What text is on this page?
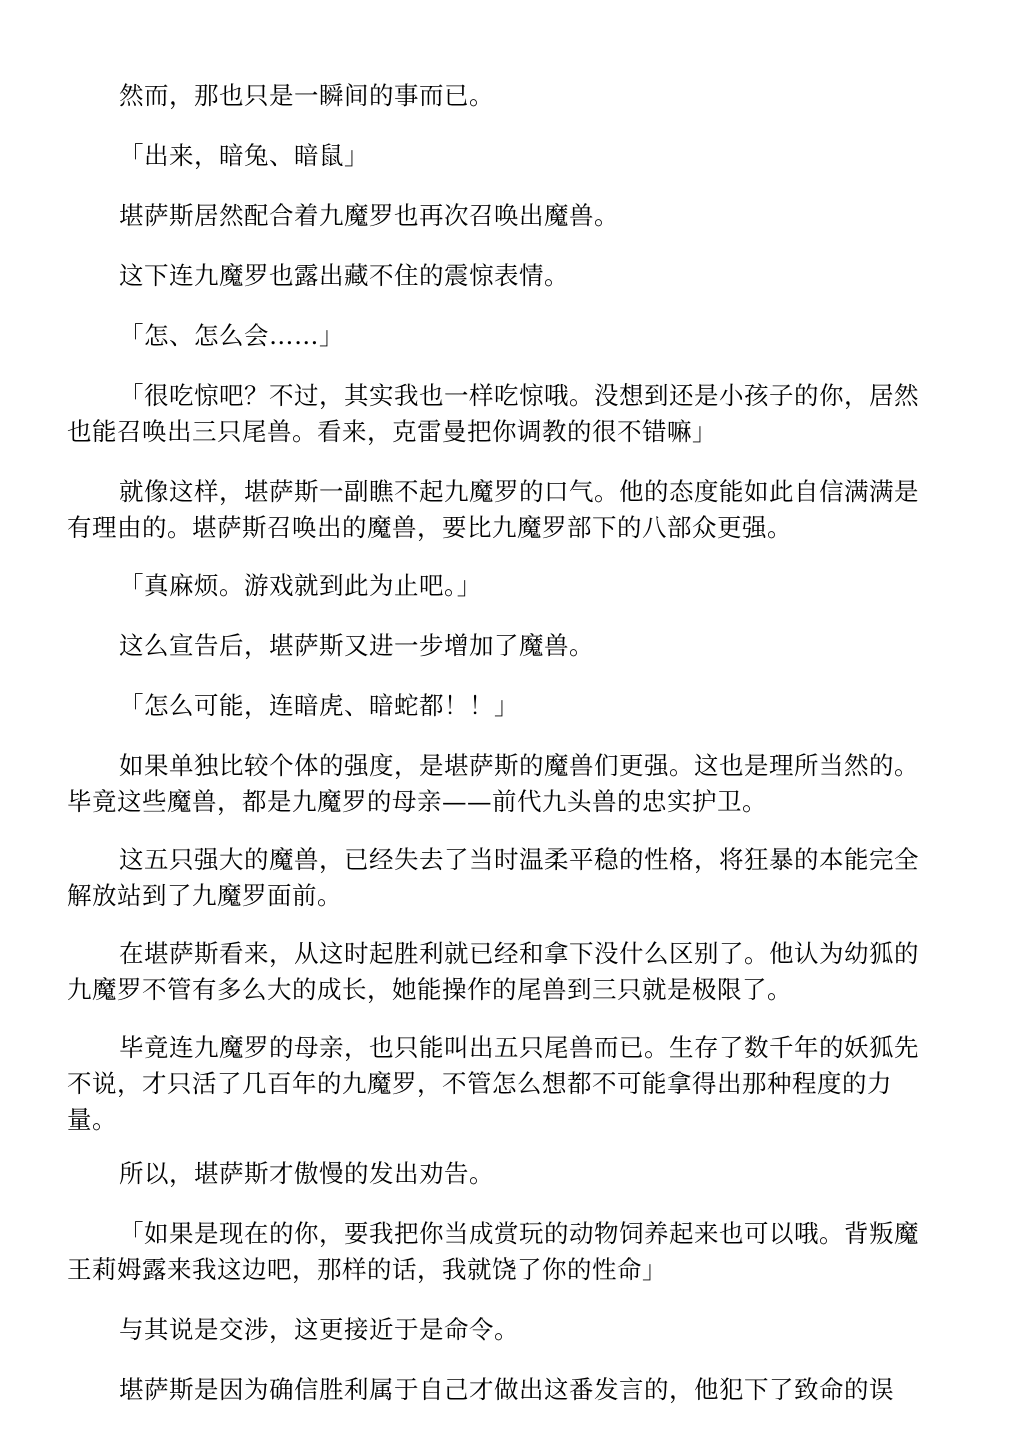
然而，那也只是一瞬间的事而已。

「出来，暗兔、暗鼠」

堪萨斯居然配合着九魔罗也再次召唤出魔兽。

这下连九魔罗也露出藏不住的震惊表情。

「怎、怎么会……」

「很吃惊吧？不过，其实我也一样吃惊哦。没想到还是小孩子的你，居然也能召唤出三只尾兽。看来，克雷曼把你调教的很不错嘛」

就像这样，堪萨斯一副瞧不起九魔罗的口气。他的态度能如此自信满满是有理由的。堪萨斯召唤出的魔兽，要比九魔罗部下的八部众更强。

「真麻烦。游戏就到此为止吧。」

这么宣告后，堪萨斯又进一步增加了魔兽。

「怎么可能，连暗虎、暗蛇都！！」

如果单独比较个体的强度，是堪萨斯的魔兽们更强。这也是理所当然的。毕竟这些魔兽，都是九魔罗的母亲——前代九头兽的忠实护卫。

这五只强大的魔兽，已经失去了当时温柔平稳的性格，将狂暴的本能完全解放站到了九魔罗面前。

在堪萨斯看来，从这时起胜利就已经和拿下没什么区别了。他认为幼狐的九魔罗不管有多么大的成长，她能操作的尾兽到三只就是极限了。

毕竟连九魔罗的母亲，也只能叫出五只尾兽而已。生存了数千年的妖狐先不说，才只活了几百年的九魔罗，不管怎么想都不可能拿得出那种程度的力量。

所以，堪萨斯才傲慢的发出劝告。

「如果是现在的你，要我把你当成赏玩的动物饲养起来也可以哦。背叛魔王莉姆露来我这边吧，那样的话，我就饶了你的性命」

与其说是交涉，这更接近于是命令。

堪萨斯是因为确信胜利属于自己才做出这番发言的，他犯下了致命的误
